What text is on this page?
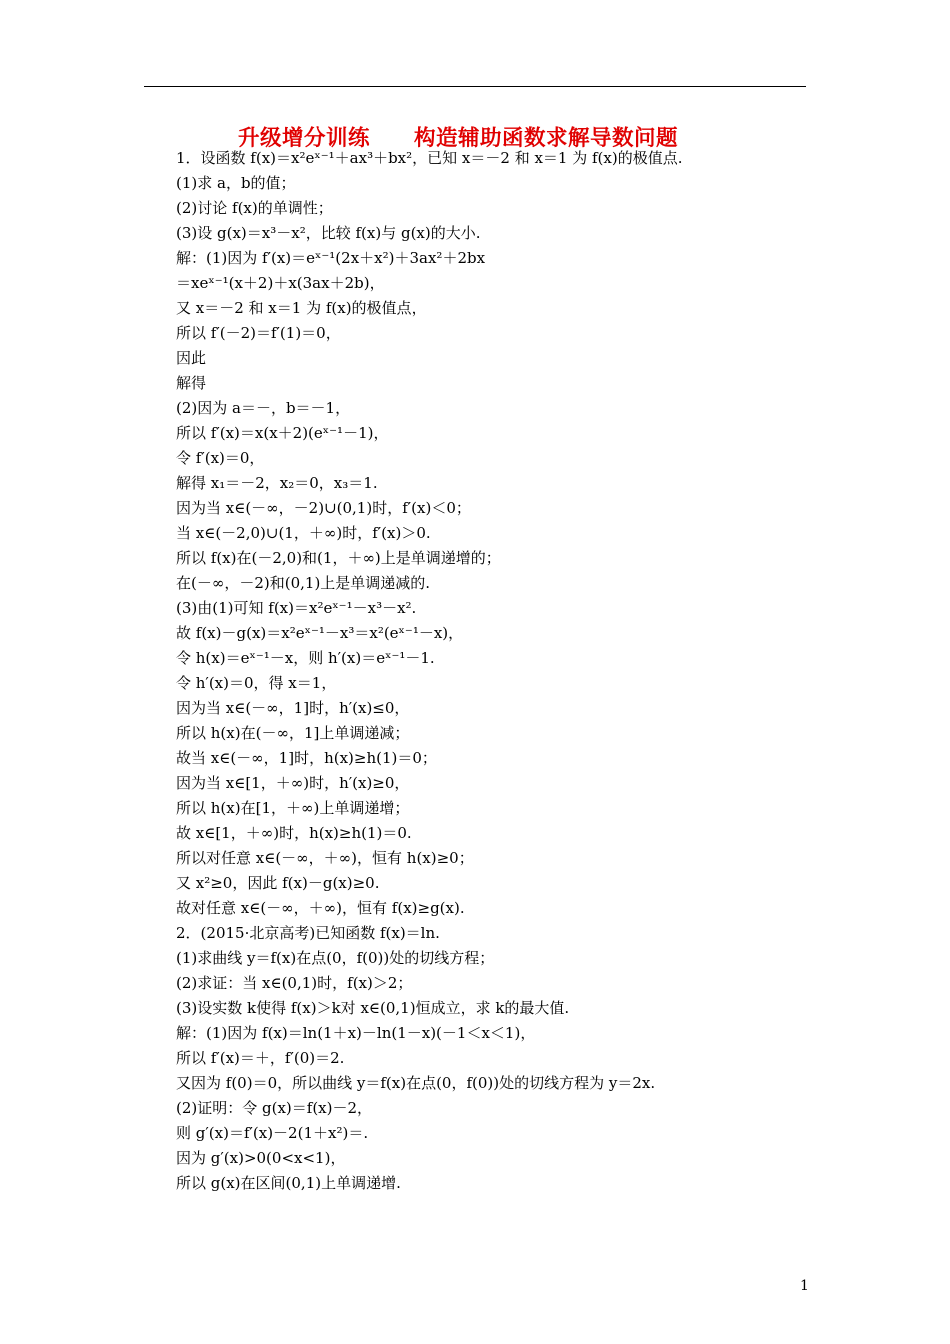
升级增分训练　　构造辅助函数求解导数问题
1．设函数 f(x)＝x²eˣ⁻¹＋ax³＋bx²，已知 x＝－2 和 x＝1 为 f(x)的极值点.
(1)求 a，b的值；
(2)讨论 f(x)的单调性；
(3)设 g(x)＝x³－x²，比较 f(x)与 g(x)的大小.
解：(1)因为 f′(x)＝eˣ⁻¹(2x＋x²)＋3ax²＋2bx
＝xeˣ⁻¹(x＋2)＋x(3ax＋2b)，
又 x＝－2 和 x＝1 为 f(x)的极值点，
所以 f′(－2)＝f′(1)＝0，
因此
解得
(2)因为 a＝－，b＝－1，
所以 f′(x)＝x(x＋2)(eˣ⁻¹－1)，
令 f′(x)＝0，
解得 x₁＝－2，x₂＝0，x₃＝1.
因为当 x∈(－∞，－2)∪(0,1)时，f′(x)＜0；
当 x∈(－2,0)∪(1，＋∞)时，f′(x)＞0.
所以 f(x)在(－2,0)和(1，＋∞)上是单调递增的；
在(－∞，－2)和(0,1)上是单调递减的.
(3)由(1)可知 f(x)＝x²eˣ⁻¹－x³－x².
故 f(x)－g(x)＝x²eˣ⁻¹－x³＝x²(eˣ⁻¹－x)，
令 h(x)＝eˣ⁻¹－x，则 h′(x)＝eˣ⁻¹－1.
令 h′(x)＝0，得 x＝1，
因为当 x∈(－∞，1]时，h′(x)≤0，
所以 h(x)在(－∞，1]上单调递减；
故当 x∈(－∞，1]时，h(x)≥h(1)＝0；
因为当 x∈[1，＋∞)时，h′(x)≥0，
所以 h(x)在[1，＋∞)上单调递增；
故 x∈[1，＋∞)时，h(x)≥h(1)＝0.
所以对任意 x∈(－∞，＋∞)，恒有 h(x)≥0；
又 x²≥0，因此 f(x)－g(x)≥0.
故对任意 x∈(－∞，＋∞)，恒有 f(x)≥g(x).
2．(2015·北京高考)已知函数 f(x)＝ln.
(1)求曲线 y＝f(x)在点(0，f(0))处的切线方程；
(2)求证：当 x∈(0,1)时，f(x)＞2；
(3)设实数 k使得 f(x)＞k对 x∈(0,1)恒成立，求 k的最大值.
解：(1)因为 f(x)＝ln(1＋x)－ln(1－x)(－1＜x＜1)，
所以 f′(x)＝＋，f′(0)＝2.
又因为 f(0)＝0，所以曲线 y＝f(x)在点(0，f(0))处的切线方程为 y＝2x.
(2)证明：令 g(x)＝f(x)－2，
则 g′(x)＝f′(x)－2(1＋x²)＝.
因为 g′(x)>0(0<x<1)，
所以 g(x)在区间(0,1)上单调递增.
1
